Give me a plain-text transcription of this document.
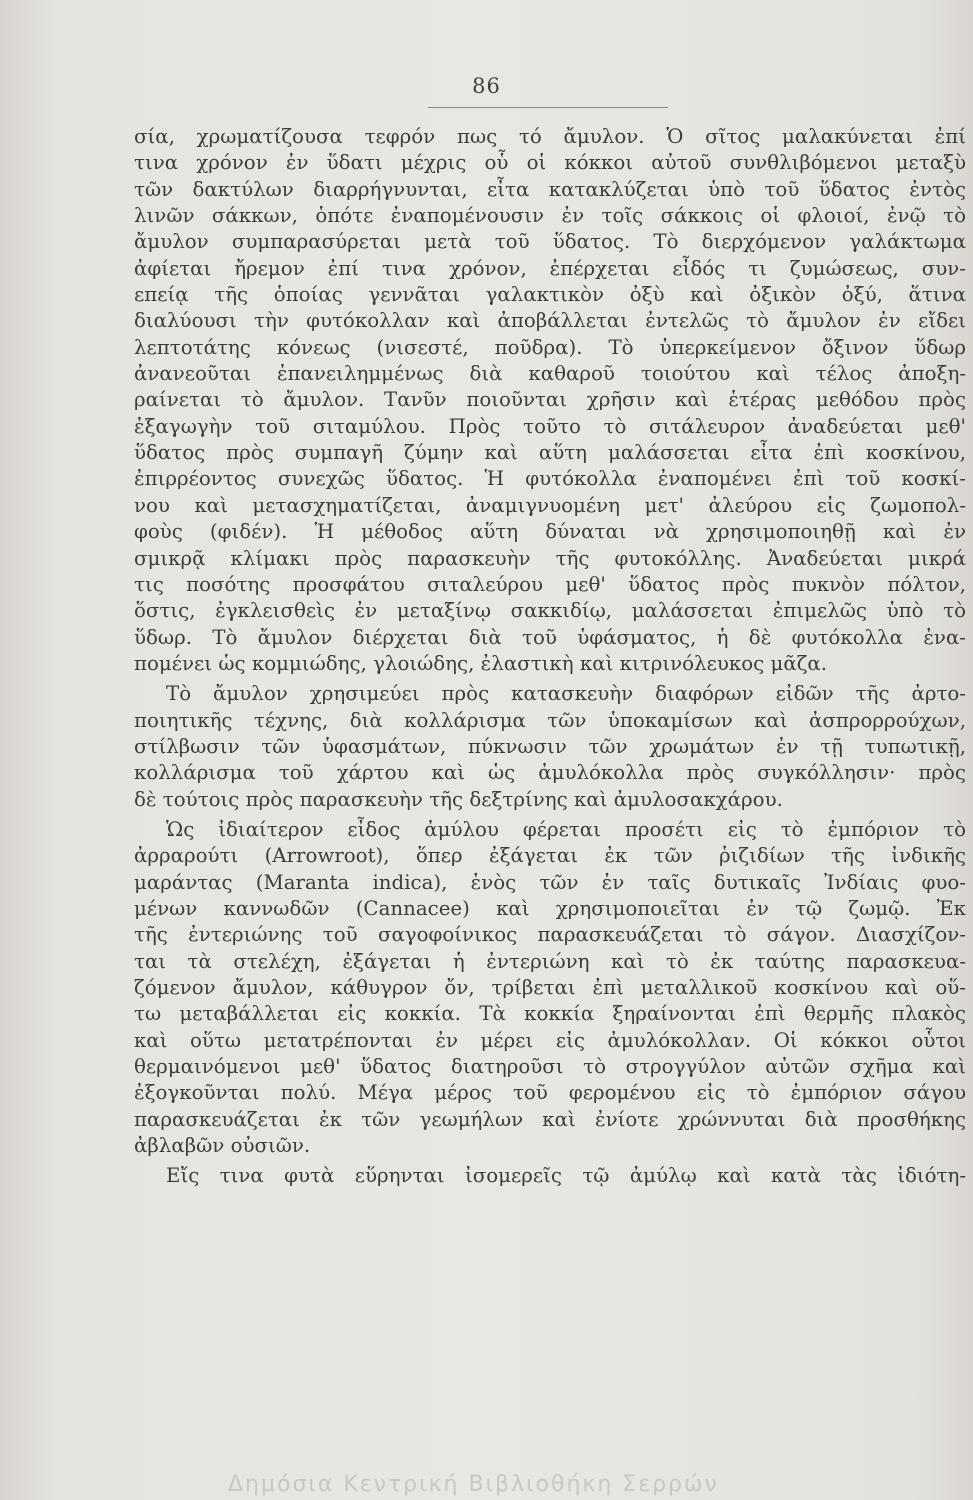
86
σία, χρωματίζουσα τεφρόν πως τό ἄμυλον. Ὁ σῖτος μαλακύνεται ἐπί
τινα χρόνον ἐν ὕδατι μέχρις οὗ οἱ κόκκοι αὐτοῦ συνθλιβόμενοι μεταξὺ
τῶν δακτύλων διαρρήγνυνται, εἶτα κατακλύζεται ὑπὸ τοῦ ὕδατος ἐντὸς
λινῶν σάκκων, ὁπότε ἐναπομένουσιν ἐν τοῖς σάκκοις οἱ φλοιοί, ἐνῷ τὸ
ἄμυλον συμπαρασύρεται μετὰ τοῦ ὕδατος. Τὸ διερχόμενον γαλάκτωμα
ἀφίεται ἤρεμον ἐπί τινα χρόνον, ἐπέρχεται εἶδός τι ζυμώσεως, συν-
επείᾳ τῆς ὁποίας γεννᾶται γαλακτικὸν ὀξὺ καὶ ὀξικὸν ὀξύ, ἅτινα
διαλύουσι τὴν φυτόκολλαν καὶ ἀποβάλλεται ἐντελῶς τὸ ἄμυλον ἐν εἴδει
λεπτοτάτης κόνεως (νισεστέ, ποῦδρα). Τὸ ὑπερκείμενον ὄξινον ὕδωρ
ἀνανεοῦται ἐπανειλημμένως διὰ καθαροῦ τοιούτου καὶ τέλος ἀποξη-
ραίνεται τὸ ἄμυλον. Τανῦν ποιοῦνται χρῆσιν καὶ ἑτέρας μεθόδου πρὸς
ἐξαγωγὴν τοῦ σιταμύλου. Πρὸς τοῦτο τὸ σιτάλευρον ἀναδεύεται μεθ'
ὕδατος πρὸς συμπαγῆ ζύμην καὶ αὕτη μαλάσσεται εἶτα ἐπὶ κοσκίνου,
ἐπιρρέοντος συνεχῶς ὕδατος. Ἡ φυτόκολλα ἐναπομένει ἐπὶ τοῦ κοσκί-
νου καὶ μετασχηματίζεται, ἀναμιγνυομένη μετ' ἀλεύρου εἰς ζωμοπολ-
φοὺς (φιδέν). Ἡ μέθοδος αὕτη δύναται νὰ χρησιμοποιηθῇ καὶ ἐν
σμικρᾷ κλίμακι πρὸς παρασκευὴν τῆς φυτοκόλλης. Ἀναδεύεται μικρά
τις ποσότης προσφάτου σιταλεύρου μεθ' ὕδατος πρὸς πυκνὸν πόλτον,
ὅστις, ἐγκλεισθεὶς ἐν μεταξίνῳ σακκιδίῳ, μαλάσσεται ἐπιμελῶς ὑπὸ τὸ
ὕδωρ. Τὸ ἄμυλον διέρχεται διὰ τοῦ ὑφάσματος, ἡ δὲ φυτόκολλα ἐνα-
πομένει ὡς κομμιώδης, γλοιώδης, ἐλαστικὴ καὶ κιτρινόλευκος μᾶζα.
Τὸ ἄμυλον χρησιμεύει πρὸς κατασκευὴν διαφόρων εἰδῶν τῆς ἀρτο-
ποιητικῆς τέχνης, διὰ κολλάρισμα τῶν ὑποκαμίσων καὶ ἀσπρορρούχων,
στίλβωσιν τῶν ὑφασμάτων, πύκνωσιν τῶν χρωμάτων ἐν τῇ τυπωτικῇ,
κολλάρισμα τοῦ χάρτου καὶ ὡς ἀμυλόκολλα πρὸς συγκόλλησιν· πρὸς
δὲ τούτοις πρὸς παρασκευὴν τῆς δεξτρίνης καὶ ἀμυλοσακχάρου.
Ὡς ἰδιαίτερον εἶδος ἀμύλου φέρεται προσέτι εἰς τὸ ἐμπόριον τὸ
ἀρραρούτι (Arrowroot), ὅπερ ἐξάγεται ἐκ τῶν ῥιζιδίων τῆς ἰνδικῆς
μαράντας (Maranta indica), ἑνὸς τῶν ἐν ταῖς δυτικαῖς Ἰνδίαις φυο-
μένων καννωδῶν (Cannaceе) καὶ χρησιμοποιεῖται ἐν τῷ ζωμῷ. Ἐκ
τῆς ἐντεριώνης τοῦ σαγοφοίνικος παρασκευάζεται τὸ σάγον. Διασχίζον-
ται τὰ στελέχη, ἐξάγεται ἡ ἐντεριώνη καὶ τὸ ἐκ ταύτης παρασκευα-
ζόμενον ἄμυλον, κάθυγρον ὄν, τρίβεται ἐπὶ μεταλλικοῦ κοσκίνου καὶ οὕ-
τω μεταβάλλεται εἰς κοκκία. Τὰ κοκκία ξηραίνονται ἐπὶ θερμῆς πλακὸς
καὶ οὕτω μετατρέπονται ἐν μέρει εἰς ἀμυλόκολλαν. Οἱ κόκκοι οὗτοι
θερμαινόμενοι μεθ' ὕδατος διατηροῦσι τὸ στρογγύλον αὐτῶν σχῆμα καὶ
ἐξογκοῦνται πολύ. Μέγα μέρος τοῦ φερομένου εἰς τὸ ἐμπόριον σάγου
παρασκευάζεται ἐκ τῶν γεωμήλων καὶ ἐνίοτε χρώννυται διὰ προσθήκης
ἀβλαβῶν οὐσιῶν.
Εἴς τινα φυτὰ εὕρηνται ἰσομερεῖς τῷ ἀμύλῳ καὶ κατὰ τὰς ἰδιότη-
Δημόσια Κεντρική Βιβλιοθήκη Σερρών
